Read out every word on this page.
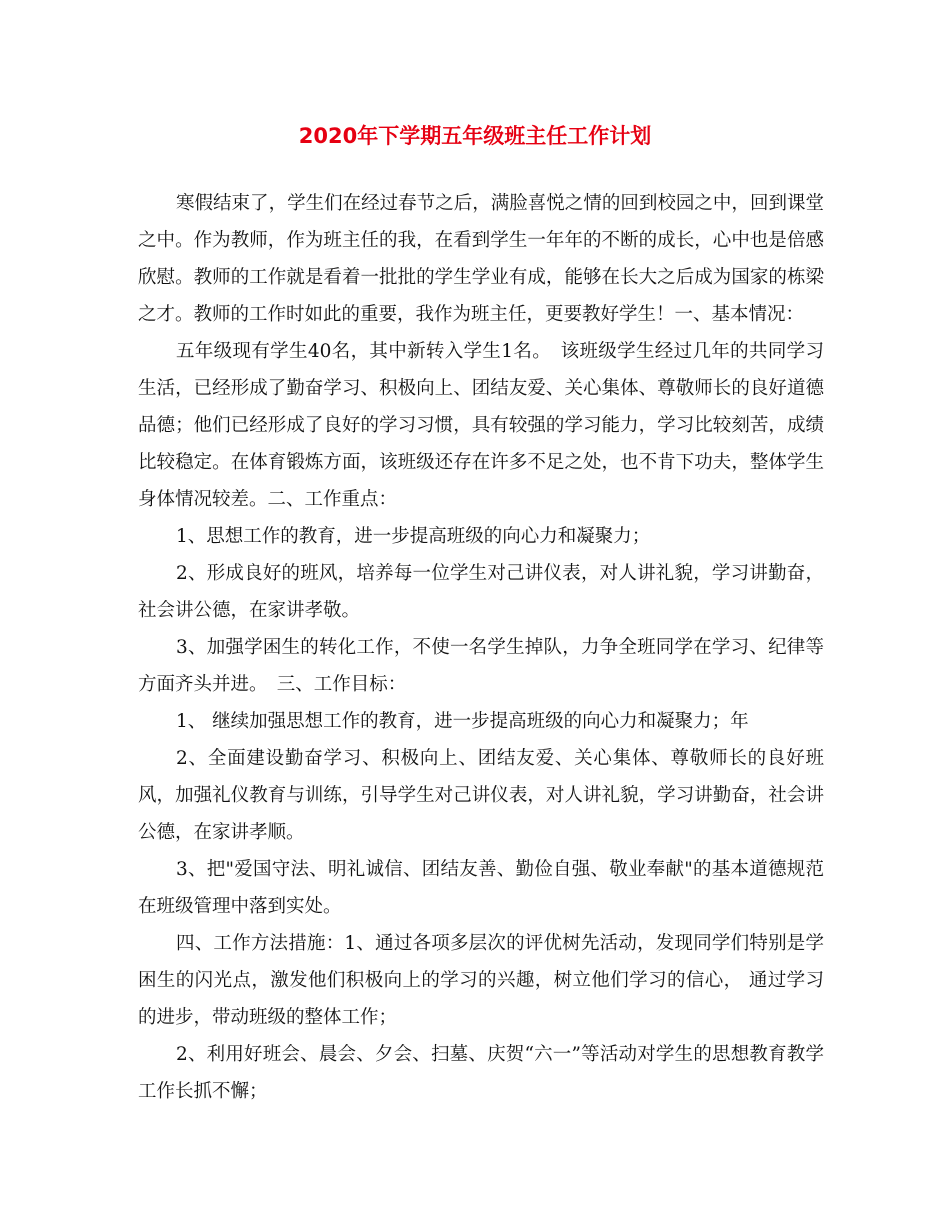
2020年下学期五年级班主任工作计划

寒假结束了，学生们在经过春节之后，满脸喜悦之情的回到校园之中，回到课堂之中。作为教师，作为班主任的我，在看到学生一年年的不断的成长，心中也是倍感欣慰。教师的工作就是看着一批批的学生学业有成，能够在长大之后成为国家的栋梁之才。教师的工作时如此的重要，我作为班主任，更要教好学生！一、基本情况：

五年级现有学生40名，其中新转入学生1名。　该班级学生经过几年的共同学习生活，已经形成了勤奋学习、积极向上、团结友爱、关心集体、尊敬师长的良好道德品德；他们已经形成了良好的学习习惯，具有较强的学习能力，学习比较刻苦，成绩比较稳定。在体育锻炼方面，该班级还存在许多不足之处，也不肯下功夫，整体学生身体情况较差。二、工作重点：

1、思想工作的教育，进一步提高班级的向心力和凝聚力；

2、形成良好的班风，培养每一位学生对己讲仪表，对人讲礼貌，学习讲勤奋，社会讲公德，在家讲孝敬。

3、加强学困生的转化工作，不使一名学生掉队，力争全班同学在学习、纪律等方面齐头并进。　三、工作目标：

1、 继续加强思想工作的教育，进一步提高班级的向心力和凝聚力；年

2、全面建设勤奋学习、积极向上、团结友爱、关心集体、尊敬师长的良好班风，加强礼仪教育与训练，引导学生对己讲仪表，对人讲礼貌，学习讲勤奋，社会讲公德，在家讲孝顺。

3、把"爱国守法、明礼诚信、团结友善、勤俭自强、敬业奉献"的基本道德规范在班级管理中落到实处。

四、工作方法措施：1、通过各项多层次的评优树先活动，发现同学们特别是学困生的闪光点，激发他们积极向上的学习的兴趣，树立他们学习的信心， 通过学习的进步，带动班级的整体工作；

2、利用好班会、晨会、夕会、扫墓、庆贺“六一”等活动对学生的思想教育教学工作长抓不懈；
